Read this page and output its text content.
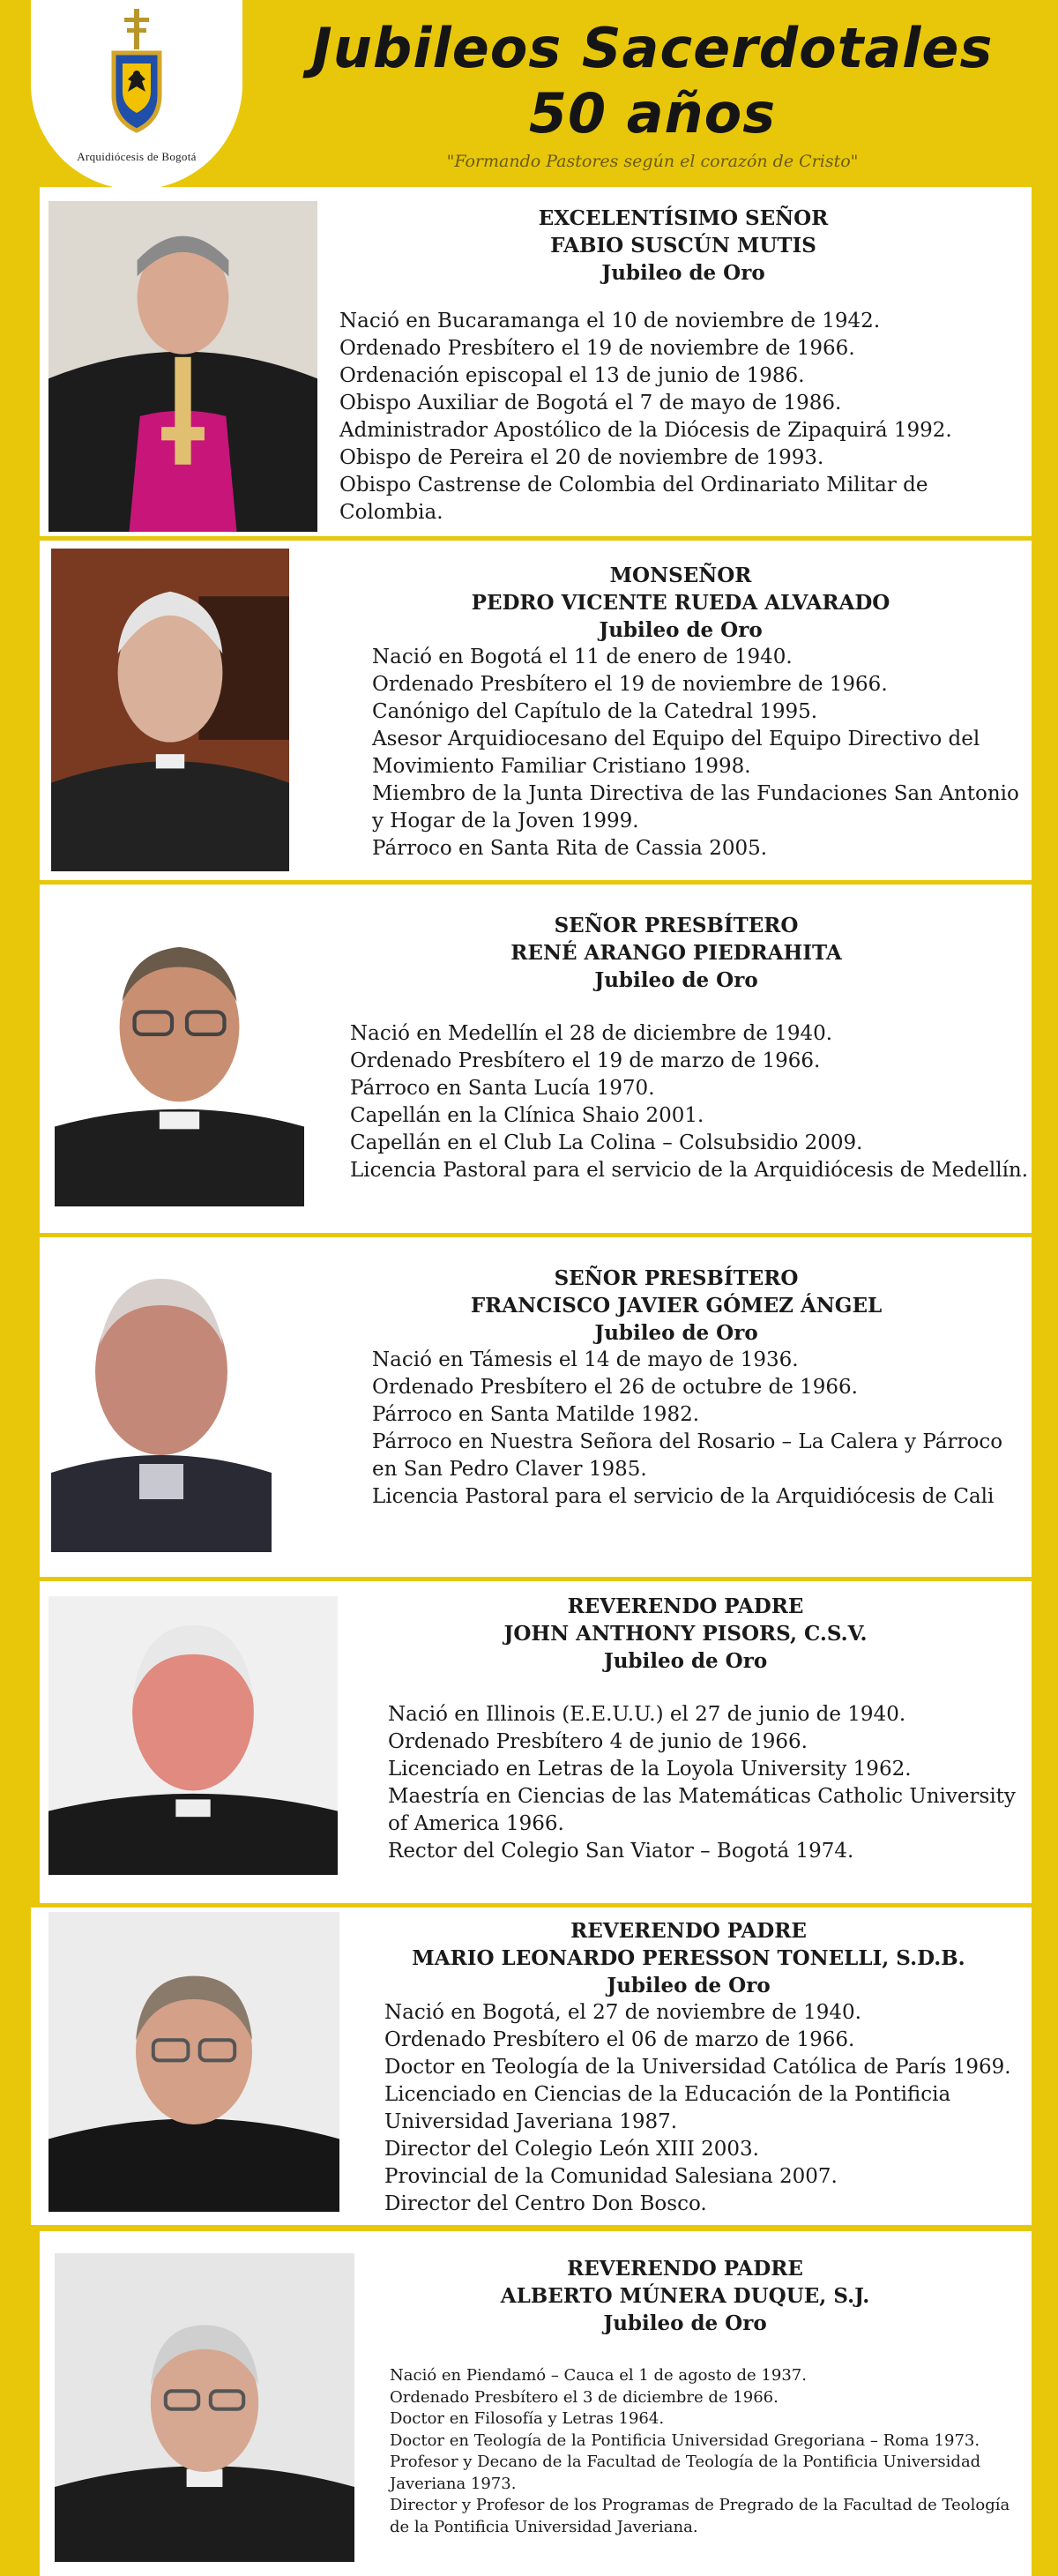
Arquidiócesis de Bogotá
Jubileos Sacerdotales
50 años
"Formando Pastores según el corazón de Cristo"
EXCELENTÍSIMO SEÑOR
FABIO SUSCÚN MUTIS
Jubileo de Oro
Nació en Bucaramanga el 10 de noviembre de 1942.
Ordenado Presbítero el 19 de noviembre de 1966.
Ordenación episcopal el 13 de junio de 1986.
Obispo Auxiliar de Bogotá el 7 de mayo de 1986.
Administrador Apostólico de la Diócesis de Zipaquirá 1992.
Obispo de Pereira el 20 de noviembre de 1993.
Obispo Castrense de Colombia del Ordinariato Militar de Colombia.
MONSEÑOR
PEDRO VICENTE RUEDA ALVARADO
Jubileo de Oro
Nació en Bogotá el 11 de enero de 1940.
Ordenado Presbítero el 19 de noviembre de 1966.
Canónigo del Capítulo de la Catedral 1995.
Asesor Arquidiocesano del Equipo del Equipo Directivo del Movimiento Familiar Cristiano 1998.
Miembro de la Junta Directiva de las Fundaciones San Antonio y Hogar de la Joven 1999.
Párroco en Santa Rita de Cassia 2005.
SEÑOR PRESBÍTERO
RENÉ ARANGO PIEDRAHITA
Jubileo de Oro
Nació en Medellín el 28 de diciembre de 1940.
Ordenado Presbítero el 19 de marzo de 1966.
Párroco en Santa Lucía 1970.
Capellán en la Clínica Shaio 2001.
Capellán en el Club La Colina – Colsubsidio 2009.
Licencia Pastoral para el servicio de la Arquidiócesis de Medellín.
SEÑOR PRESBÍTERO
FRANCISCO JAVIER GÓMEZ ÁNGEL
Jubileo de Oro
Nació en Támesis el 14 de mayo de 1936.
Ordenado Presbítero el 26 de octubre de 1966.
Párroco en Santa Matilde 1982.
Párroco en Nuestra Señora del Rosario – La Calera y Párroco en San Pedro Claver 1985.
Licencia Pastoral para el servicio de la Arquidiócesis de Cali
REVERENDO PADRE
JOHN ANTHONY PISORS, C.S.V.
Jubileo de Oro
Nació en Illinois (E.E.U.U.) el 27 de junio de 1940.
Ordenado Presbítero 4 de junio de 1966.
Licenciado en Letras de la Loyola University 1962.
Maestría en Ciencias de las Matemáticas Catholic University of America 1966.
Rector del Colegio San Viator – Bogotá 1974.
REVERENDO PADRE
MARIO LEONARDO PERESSON TONELLI, S.D.B.
Jubileo de Oro
Nació en Bogotá, el 27 de noviembre de 1940.
Ordenado Presbítero el 06 de marzo de 1966.
Doctor en Teología de la Universidad Católica de París 1969.
Licenciado en Ciencias de la Educación de la Pontificia Universidad Javeriana 1987.
Director del Colegio León XIII 2003.
Provincial de la Comunidad Salesiana 2007.
Director del Centro Don Bosco.
REVERENDO PADRE
ALBERTO MÚNERA DUQUE, S.J.
Jubileo de Oro
Nació en Piendamó – Cauca el 1 de agosto de 1937.
Ordenado Presbítero el 3 de diciembre de 1966.
Doctor en Filosofía y Letras 1964.
Doctor en Teología de la Pontificia Universidad Gregoriana – Roma 1973.
Profesor y Decano de la Facultad de Teología de la Pontificia Universidad Javeriana 1973.
Director y Profesor de los Programas de Pregrado de la Facultad de Teología de la Pontificia Universidad Javeriana.
